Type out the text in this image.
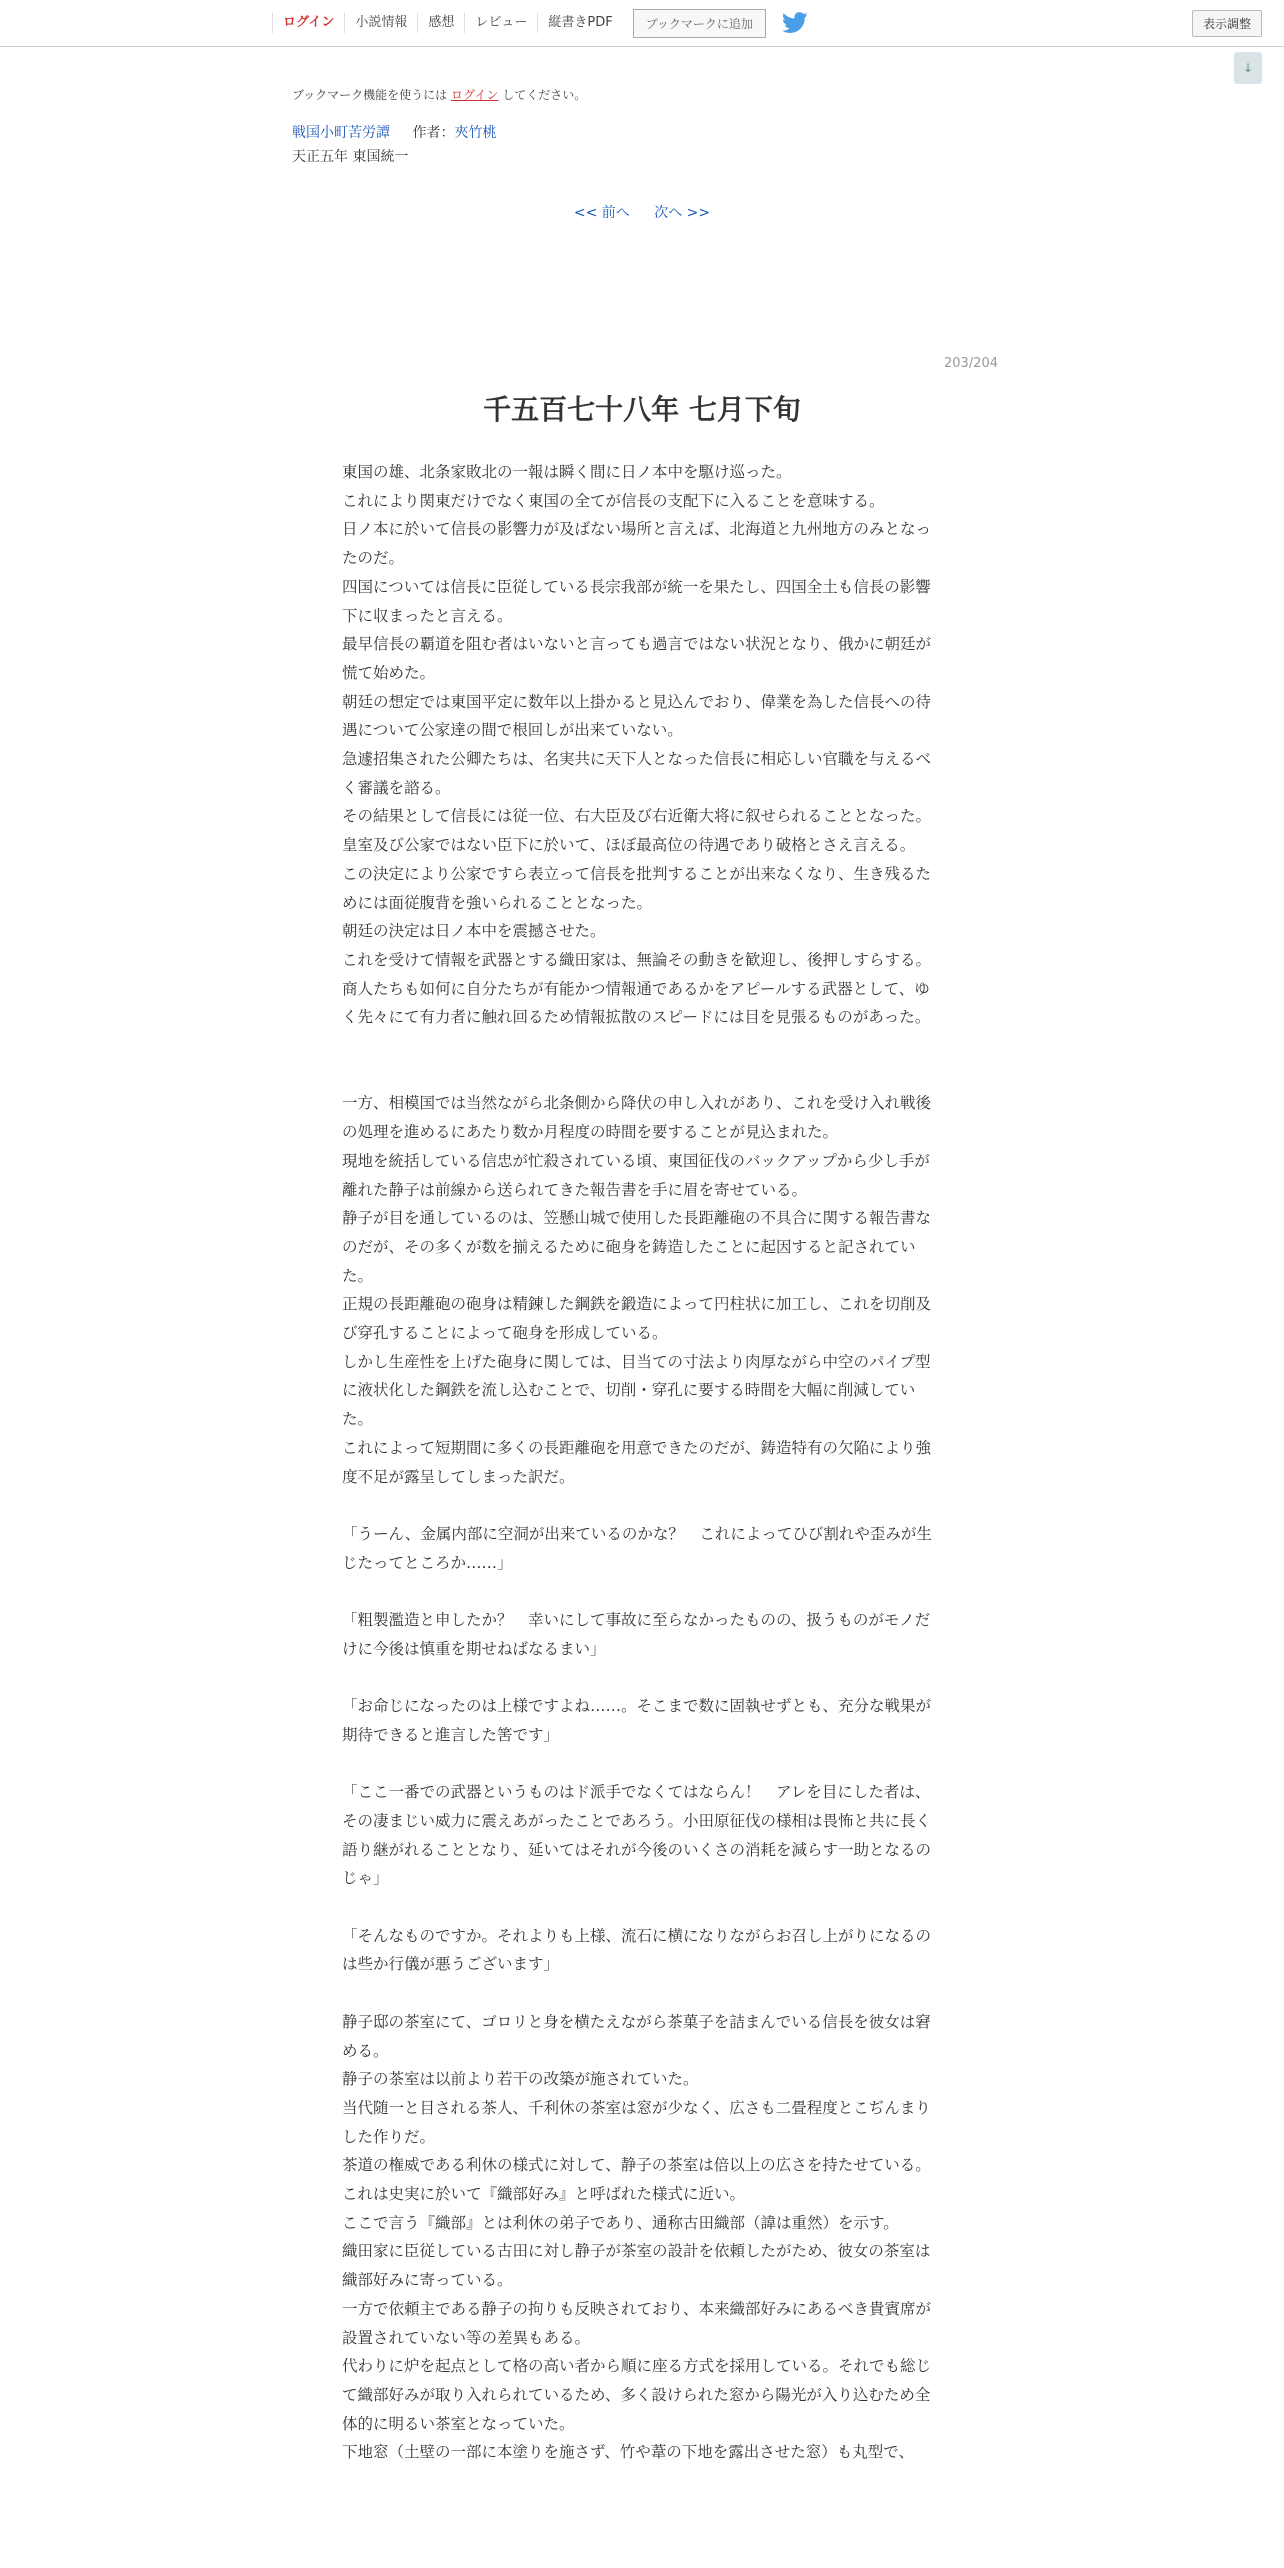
ログイン	小説情報	感想	レビュー	縦書きPDF	ブックマークに追加	表示調整
↓
ブックマーク機能を使うには ログイン してください。
戦国小町苦労譚 作者：夾竹桃
天正五年 東国統一
<< 前へ 次へ >>
203/204
千五百七十八年 七月下旬

東国の雄、北条家敗北の一報は瞬く間に日ノ本中を駆け巡った。

これにより関東だけでなく東国の全てが信長の支配下に入ることを意味する。

日ノ本に於いて信長の影響力が及ばない場所と言えば、北海道と九州地方のみとなったのだ。

四国については信長に臣従している長宗我部が統一を果たし、四国全土も信長の影響下に収まったと言える。

最早信長の覇道を阻む者はいないと言っても過言ではない状況となり、俄かに朝廷が慌て始めた。

朝廷の想定では東国平定に数年以上掛かると見込んでおり、偉業を為した信長への待遇について公家達の間で根回しが出来ていない。

急遽招集された公卿たちは、名実共に天下人となった信長に相応しい官職を与えるべく審議を諮る。

その結果として信長には従一位、右大臣及び右近衛大将に叙せられることとなった。

皇室及び公家ではない臣下に於いて、ほぼ最高位の待遇であり破格とさえ言える。

この決定により公家ですら表立って信長を批判することが出来なくなり、生き残るためには面従腹背を強いられることとなった。

朝廷の決定は日ノ本中を震撼させた。

これを受けて情報を武器とする織田家は、無論その動きを歓迎し、後押しすらする。

商人たちも如何に自分たちが有能かつ情報通であるかをアピールする武器として、ゆく先々にて有力者に触れ回るため情報拡散のスピードには目を見張るものがあった。

一方、相模国では当然ながら北条側から降伏の申し入れがあり、これを受け入れ戦後の処理を進めるにあたり数か月程度の時間を要することが見込まれた。

現地を統括している信忠が忙殺されている頃、東国征伐のバックアップから少し手が離れた静子は前線から送られてきた報告書を手に眉を寄せている。

静子が目を通しているのは、笠懸山城で使用した長距離砲の不具合に関する報告書なのだが、その多くが数を揃えるために砲身を鋳造したことに起因すると記されていた。

正規の長距離砲の砲身は精錬した鋼鉄を鍛造によって円柱状に加工し、これを切削及び穿孔することによって砲身を形成している。

しかし生産性を上げた砲身に関しては、目当ての寸法より肉厚ながら中空のパイプ型に液状化した鋼鉄を流し込むことで、切削・穿孔に要する時間を大幅に削減していた。

これによって短期間に多くの長距離砲を用意できたのだが、鋳造特有の欠陥により強度不足が露呈してしまった訳だ。

「うーん、金属内部に空洞が出来ているのかな？　これによってひび割れや歪みが生じたってところか……」

「粗製濫造と申したか？　幸いにして事故に至らなかったものの、扱うものがモノだけに今後は慎重を期せねばなるまい」

「お命じになったのは上様ですよね……。そこまで数に固執せずとも、充分な戦果が期待できると進言した筈です」

「ここ一番での武器というものはド派手でなくてはならん！　アレを目にした者は、その凄まじい威力に震えあがったことであろう。小田原征伐の様相は畏怖と共に長く語り継がれることとなり、延いてはそれが今後のいくさの消耗を減らす一助となるのじゃ」

「そんなものですか。それよりも上様、流石に横になりながらお召し上がりになるのは些か行儀が悪うございます」

静子邸の茶室にて、ゴロリと身を横たえながら茶菓子を詰まんでいる信長を彼女は窘める。

静子の茶室は以前より若干の改築が施されていた。

当代随一と目される茶人、千利休の茶室は窓が少なく、広さも二畳程度とこぢんまりした作りだ。

茶道の権威である利休の様式に対して、静子の茶室は倍以上の広さを持たせている。

これは史実に於いて『織部好み』と呼ばれた様式に近い。

ここで言う『織部』とは利休の弟子であり、通称古田織部（諱は重然）を示す。

織田家に臣従している古田に対し静子が茶室の設計を依頼したがため、彼女の茶室は織部好みに寄っている。

一方で依頼主である静子の拘りも反映されており、本来織部好みにあるべき貴賓席が設置されていない等の差異もある。

代わりに炉を起点として格の高い者から順に座る方式を採用している。それでも総じて織部好みが取り入れられているため、多く設けられた窓から陽光が入り込むため全体的に明るい茶室となっていた。

下地窓（土壁の一部に本塗りを施さず、竹や葦の下地を露出させた窓）も丸型で、
